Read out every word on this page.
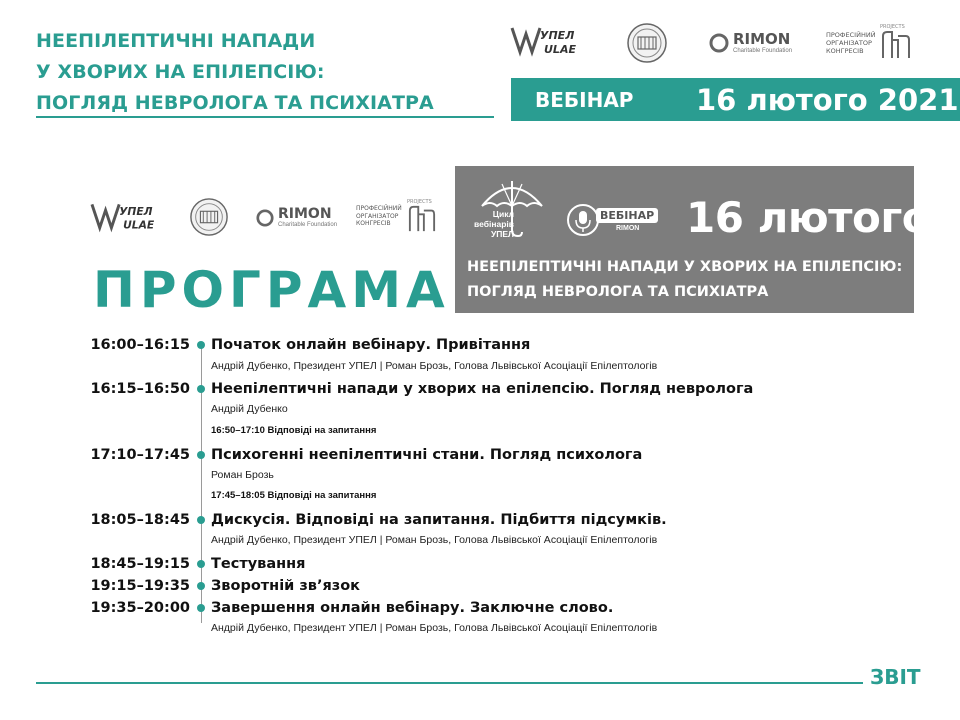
НЕЕПІЛЕПТИЧНІ НАПАДИ
У ХВОРИХ НА ЕПІЛЕПСІЮ:
ПОГЛЯД НЕВРОЛОГА ТА ПСИХІАТРА
УПЕЛ
ULAE
RIMON
Charitable Foundation
ПРОФЕСІЙНИЙ
ОРГАНІЗАТОР
КОНГРЕСІВ
PROJECTS
ВЕБІНАР 16 лютого 2021
УПЕЛ
ULAE
RIMON
Charitable Foundation
ПРОФЕСІЙНИЙ
ОРГАНІЗАТОР
КОНГРЕСІВ
PROJECTS
Цикл
вебінарів
УПЕЛ
ВЕБІНАР
RIMON	16 лютого
НЕЕПІЛЕПТИЧНІ НАПАДИ У ХВОРИХ НА ЕПІЛЕПСІЮ:
ПОГЛЯД НЕВРОЛОГА ТА ПСИХІАТРА
ПРОГРАМА
16:00–16:15 Початок онлайн вебінару. Привітання
Андрій Дубенко, Президент УПЕЛ | Роман Брозь, Голова Львівської Асоціації Епілептологів
16:15–16:50 Неепілептичні напади у хворих на епілепсію. Погляд невролога
Андрій Дубенко
16:50–17:10 Відповіді на запитання
17:10–17:45 Психогенні неепілептичні стани. Погляд психолога
Роман Брозь
17:45–18:05 Відповіді на запитання
18:05–18:45 Дискусія. Відповіді на запитання. Підбиття підсумків.
Андрій Дубенко, Президент УПЕЛ | Роман Брозь, Голова Львівської Асоціації Епілептологів
18:45–19:15 Тестування
19:15–19:35 Зворотній зв’язок
19:35–20:00 Завершення онлайн вебінару. Заключне слово.
Андрій Дубенко, Президент УПЕЛ | Роман Брозь, Голова Львівської Асоціації Епілептологів
ЗВІТ
